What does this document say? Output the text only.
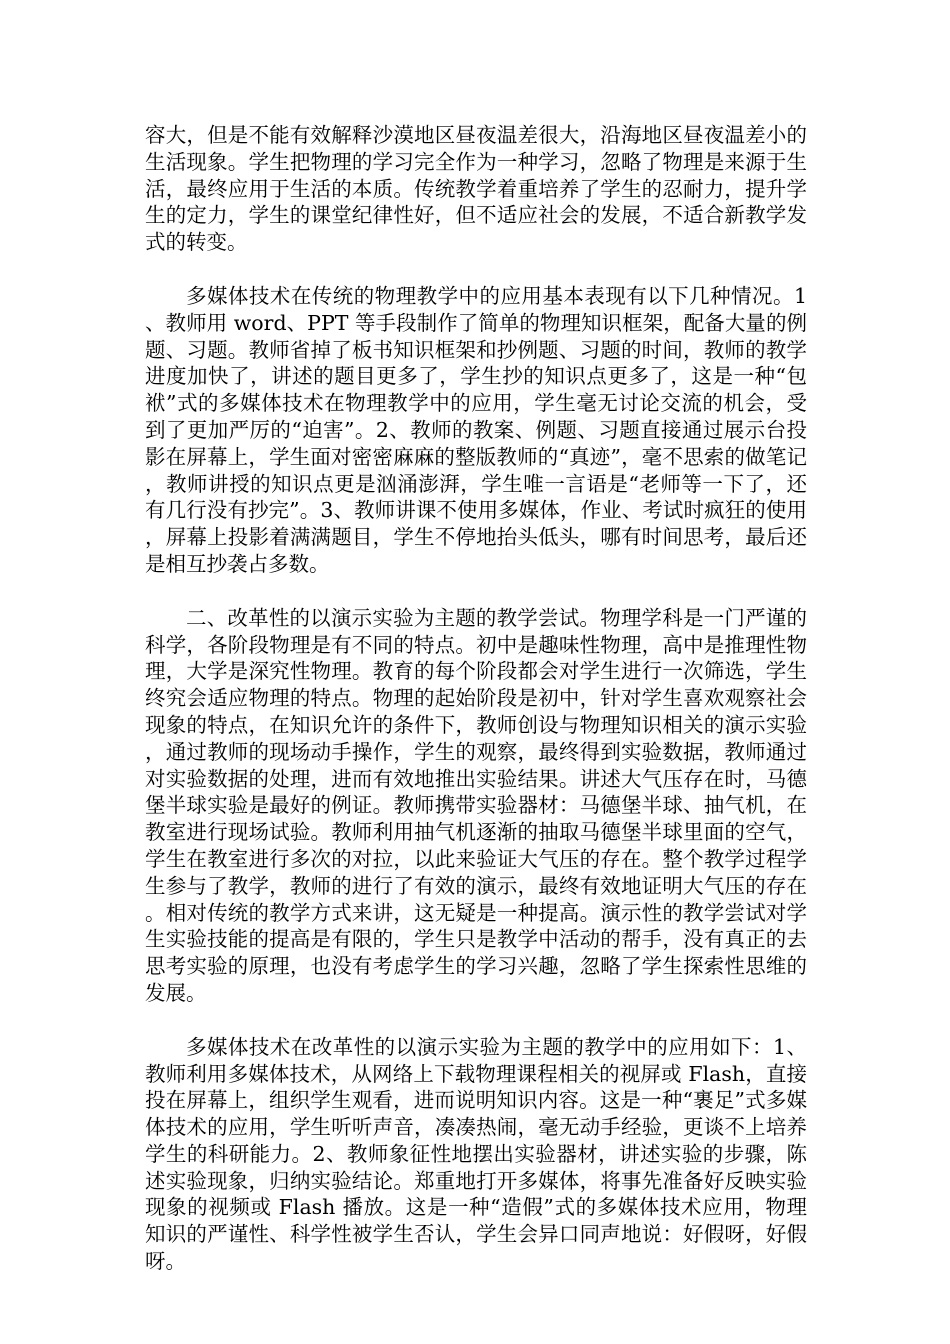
容大，但是不能有效解释沙漠地区昼夜温差很大，沿海地区昼夜温差小的生活现象。学生把物理的学习完全作为一种学习，忽略了物理是来源于生活，最终应用于生活的本质。传统教学着重培养了学生的忍耐力，提升学生的定力，学生的课堂纪律性好，但不适应社会的发展，不适合新教学发式的转变。

多媒体技术在传统的物理教学中的应用基本表现有以下几种情况。1、教师用 word、PPT 等手段制作了简单的物理知识框架，配备大量的例题、习题。教师省掉了板书知识框架和抄例题、习题的时间，教师的教学进度加快了，讲述的题目更多了，学生抄的知识点更多了，这是一种“包袱”式的多媒体技术在物理教学中的应用，学生毫无讨论交流的机会，受到了更加严厉的“迫害”。2、教师的教案、例题、习题直接通过展示台投影在屏幕上，学生面对密密麻麻的整版教师的“真迹”，毫不思索的做笔记，教师讲授的知识点更是汹涌澎湃，学生唯一言语是“老师等一下了，还有几行没有抄完”。3、教师讲课不使用多媒体，作业、考试时疯狂的使用，屏幕上投影着满满题目，学生不停地抬头低头，哪有时间思考，最后还是相互抄袭占多数。

二、改革性的以演示实验为主题的教学尝试。物理学科是一门严谨的科学，各阶段物理是有不同的特点。初中是趣味性物理，高中是推理性物理，大学是深究性物理。教育的每个阶段都会对学生进行一次筛选，学生终究会适应物理的特点。物理的起始阶段是初中，针对学生喜欢观察社会现象的特点，在知识允许的条件下，教师创设与物理知识相关的演示实验，通过教师的现场动手操作，学生的观察，最终得到实验数据，教师通过对实验数据的处理，进而有效地推出实验结果。讲述大气压存在时，马德堡半球实验是最好的例证。教师携带实验器材：马德堡半球、抽气机，在教室进行现场试验。教师利用抽气机逐渐的抽取马德堡半球里面的空气，学生在教室进行多次的对拉，以此来验证大气压的存在。整个教学过程学生参与了教学，教师的进行了有效的演示，最终有效地证明大气压的存在。相对传统的教学方式来讲，这无疑是一种提高。演示性的教学尝试对学生实验技能的提高是有限的，学生只是教学中活动的帮手，没有真正的去思考实验的原理，也没有考虑学生的学习兴趣，忽略了学生探索性思维的发展。

多媒体技术在改革性的以演示实验为主题的教学中的应用如下：1、教师利用多媒体技术，从网络上下载物理课程相关的视屏或 Flash，直接投在屏幕上，组织学生观看，进而说明知识内容。这是一种“裹足”式多媒体技术的应用，学生听听声音，凑凑热闹，毫无动手经验，更谈不上培养学生的科研能力。2、教师象征性地摆出实验器材，讲述实验的步骤，陈述实验现象，归纳实验结论。郑重地打开多媒体，将事先准备好反映实验现象的视频或 Flash 播放。这是一种“造假”式的多媒体技术应用，物理知识的严谨性、科学性被学生否认，学生会异口同声地说：好假呀，好假呀。
